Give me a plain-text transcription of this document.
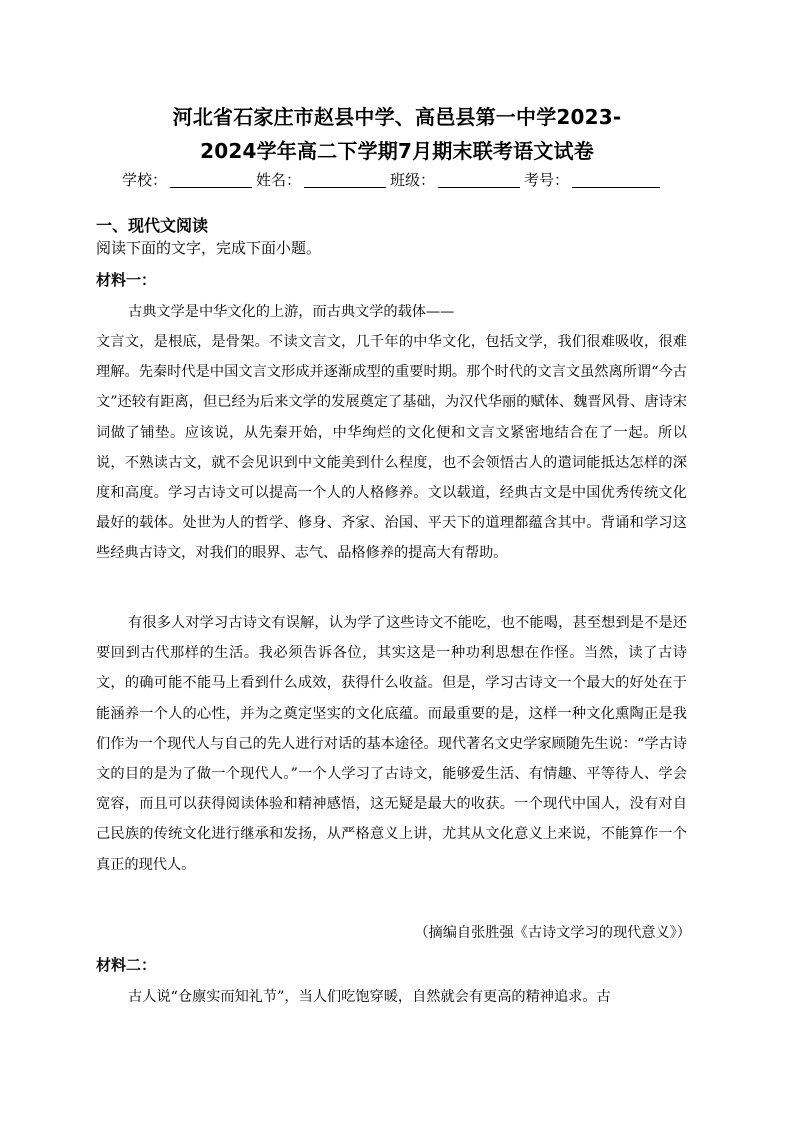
河北省石家庄市赵县中学、高邑县第一中学2023-
2024学年高二下学期7月期末联考语文试卷
学校：	姓名：	班级：	考号：
一、现代文阅读
阅读下面的文字，完成下面小题。
材料一：

古典文学是中华文化的上游，而古典文学的载体——

文言文，是根底，是骨架。不读文言文，几千年的中华文化，包括文学，我们很难吸收，很难理解。先秦时代是中国文言文形成并逐渐成型的重要时期。那个时代的文言文虽然离所谓“今古文”还较有距离，但已经为后来文学的发展奠定了基础，为汉代华丽的赋体、魏晋风骨、唐诗宋词做了铺垫。应该说，从先秦开始，中华绚烂的文化便和文言文紧密地结合在了一起。所以说，不熟读古文，就不会见识到中文能美到什么程度，也不会领悟古人的遣词能抵达怎样的深度和高度。学习古诗文可以提高一个人的人格修养。文以载道，经典古文是中国优秀传统文化最好的载体。处世为人的哲学、修身、齐家、治国、平天下的道理都蕴含其中。背诵和学习这些经典古诗文，对我们的眼界、志气、品格修养的提高大有帮助。

有很多人对学习古诗文有误解，认为学了这些诗文不能吃，也不能喝，甚至想到是不是还要回到古代那样的生活。我必须告诉各位，其实这是一种功利思想在作怪。当然，读了古诗文，的确可能不能马上看到什么成效，获得什么收益。但是，学习古诗文一个最大的好处在于能涵养一个人的心性，并为之奠定坚实的文化底蕴。而最重要的是，这样一种文化熏陶正是我们作为一个现代人与自己的先人进行对话的基本途径。现代著名文史学家顾随先生说：“学古诗文的目的是为了做一个现代人。”一个人学习了古诗文，能够爱生活、有情趣、平等待人、学会宽容，而且可以获得阅读体验和精神感悟，这无疑是最大的收获。一个现代中国人，没有对自己民族的传统文化进行继承和发扬，从严格意义上讲，尤其从文化意义上来说，不能算作一个真正的现代人。

（摘编自张胜强《古诗文学习的现代意义》）
材料二：

古人说“仓廪实而知礼节”，当人们吃饱穿暖，自然就会有更高的精神追求。古
